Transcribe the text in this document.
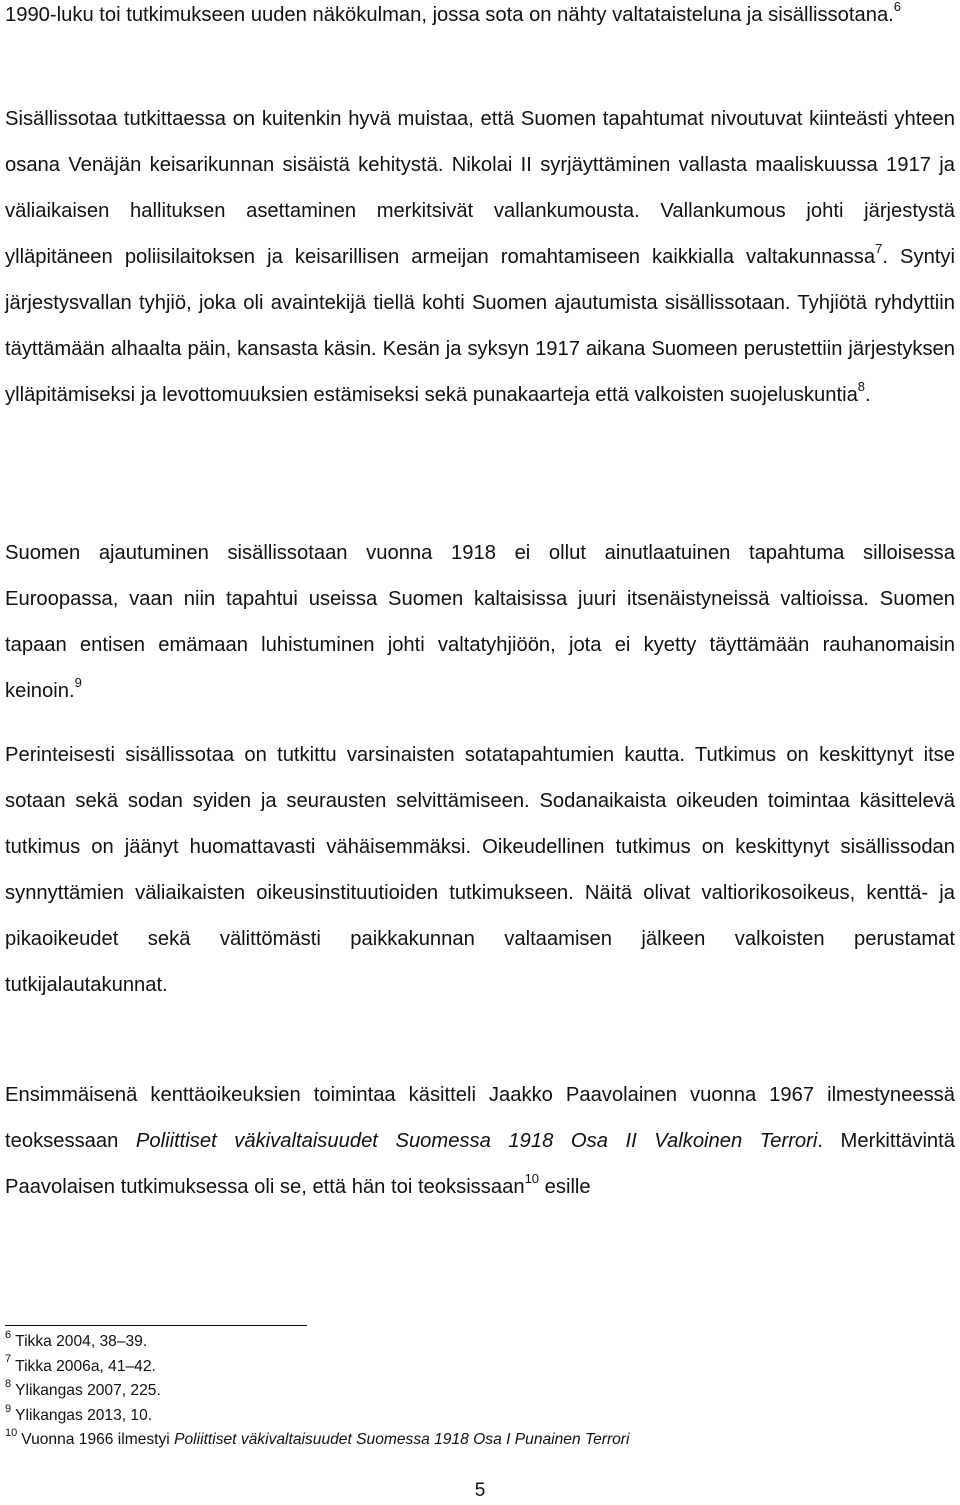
1990-luku toi tutkimukseen uuden näkökulman, jossa sota on nähty valtataisteluna ja sisällissotana.$^6$

Sisällissotaa tutkittaessa on kuitenkin hyvä muistaa, että Suomen tapahtumat nivoutuvat kiinteästi yhteen osana Venäjän keisarikunnan sisäistä kehitystä. Nikolai II syrjäyttäminen vallasta maaliskuussa 1917 ja väliaikaisen hallituksen asettaminen merkitsivät vallankumousta. Vallankumous johti järjestystä ylläpitäneen poliisilaitoksen ja keisarillisen armeijan romahtamiseen kaikkialla valtakunnassa$^7$. Syntyi järjestysvallan tyhjiö, joka oli avaintekijä tiellä kohti Suomen ajautumista sisällissotaan. Tyhjiötä ryhdyttiin täyttämään alhaalta päin, kansasta käsin. Kesän ja syksyn 1917 aikana Suomeen perustettiin järjestyksen ylläpitämiseksi ja levottomuuksien estämiseksi sekä punakaarteja että valkoisten suojeluskuntia$^8$.

Suomen ajautuminen sisällissotaan vuonna 1918 ei ollut ainutlaatuinen tapahtuma silloisessa Euroopassa, vaan niin tapahtui useissa Suomen kaltaisissa juuri itsenäistyneissä valtioissa. Suomen tapaan entisen emämaan luhistuminen johti valtatyhjiöön, jota ei kyetty täyttämään rauhanomaisin keinoin.$^9$

Perinteisesti sisällissotaa on tutkittu varsinaisten sotatapahtumien kautta. Tutkimus on keskittynyt itse sotaan sekä sodan syiden ja seurausten selvittämiseen. Sodanaikaista oikeuden toimintaa käsittelevä tutkimus on jäänyt huomattavasti vähäisemmäksi. Oikeudellinen tutkimus on keskittynyt sisällissodan synnyttämien väliaikaisten oikeusinstituutioiden tutkimukseen. Näitä olivat valtiorikosoikeus, kenttä- ja pikaoikeudet sekä välittömästi paikkakunnan valtaamisen jälkeen valkoisten perustamat tutkijalautakunnat.

Ensimmäisenä kenttäoikeuksien toimintaa käsitteli Jaakko Paavolainen vuonna 1967 ilmestyneessä teoksessaan Poliittiset väkivaltaisuudet Suomessa 1918 Osa II Valkoinen Terrori. Merkittävintä Paavolaisen tutkimuksessa oli se, että hän toi teoksissaan$^{10}$ esille

$^6$ Tikka 2004, 38–39.
$^7$ Tikka 2006a, 41–42.
$^8$ Ylikangas 2007, 225.
$^9$ Ylikangas 2013, 10.
$^{10}$ Vuonna 1966 ilmestyi Poliittiset väkivaltaisuudet Suomessa 1918 Osa I Punainen Terrori
5
